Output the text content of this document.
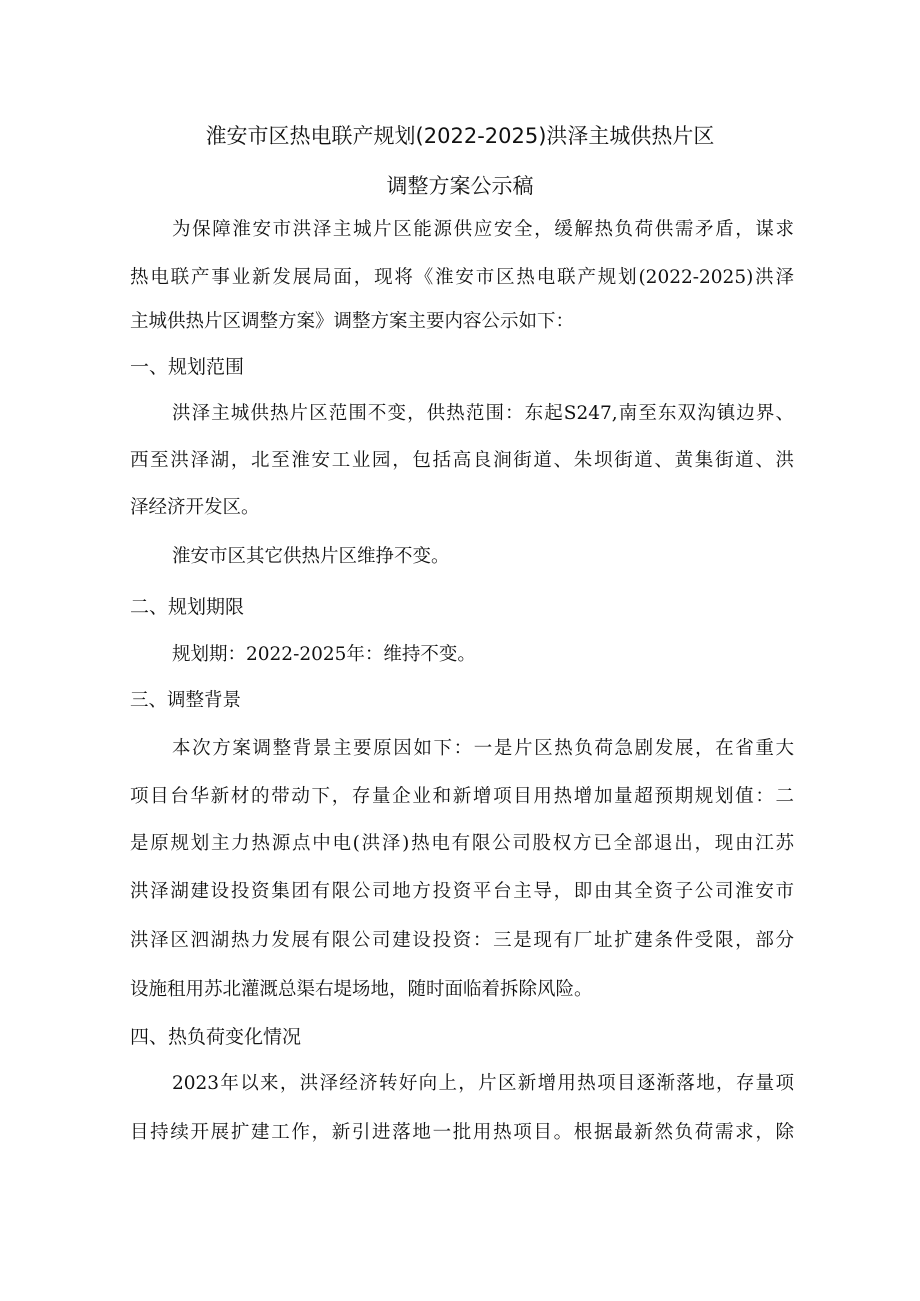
淮安市区热电联产规划(2022-2025)洪泽主城供热片区
调整方案公示稿
为保障淮安市洪泽主城片区能源供应安全，缓解热负荷供需矛盾，谋求
热电联产事业新发展局面，现将《淮安市区热电联产规划(2022-2025)洪泽
主城供热片区调整方案》调整方案主要内容公示如下：
一、规划范围
洪泽主城供热片区范围不变，供热范围：东起S247,南至东双沟镇边界、
西至洪泽湖，北至淮安工业园，包括高良涧街道、朱坝街道、黄集街道、洪
泽经济开发区。
淮安市区其它供热片区维挣不变。
二、规划期限
规划期：2022-2025年：维持不变。
三、调整背景
本次方案调整背景主要原因如下：一是片区热负荷急剧发展，在省重大
项目台华新材的带动下，存量企业和新增项目用热增加量超预期规划值：二
是原规划主力热源点中电(洪泽)热电有限公司股权方已全部退出，现由江苏
洪泽湖建设投资集团有限公司地方投资平台主导，即由其全资子公司淮安市
洪泽区泗湖热力发展有限公司建设投资：三是现有厂址扩建条件受限，部分
设施租用苏北灌溉总渠右堤场地，随时面临着拆除风险。
四、热负荷变化情况
2023年以来，洪泽经济转好向上，片区新增用热项目逐渐落地，存量项
目持续开展扩建工作，新引进落地一批用热项目。根据最新然负荷需求，除
